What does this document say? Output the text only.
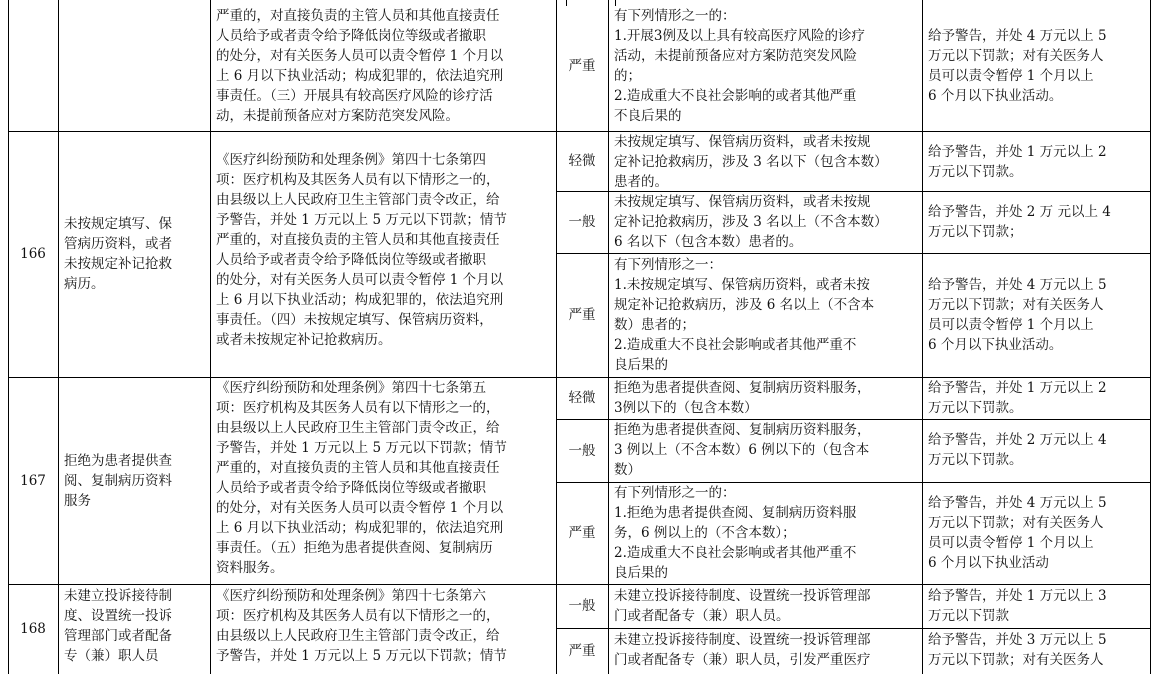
严重的，对直接负责的主管人员和其他直接责任
人员给予或者责令给予降低岗位等级或者撤职
的处分，对有关医务人员可以责令暂停 1 个月以
上 6 月以下执业活动；构成犯罪的，依法追究刑
事责任。（三）开展具有较高医疗风险的诊疗活
动，未提前预备应对方案防范突发风险。
严重
有下列情形之一的：
1.开展3例及以上具有较高医疗风险的诊疗
活动，未提前预备应对方案防范突发风险
的；
2.造成重大不良社会影响的或者其他严重
不良后果的
给予警告，并处 4 万元以上 5
万元以下罚款；对有关医务人
员可以责令暂停 1 个月以上
6 个月以下执业活动。
166
未按规定填写、保
管病历资料，或者
未按规定补记抢救
病历。
《医疗纠纷预防和处理条例》第四十七条第四
项：医疗机构及其医务人员有以下情形之一的，
由县级以上人民政府卫生主管部门责令改正，给
予警告，并处 1 万元以上 5 万元以下罚款；情节
严重的，对直接负责的主管人员和其他直接责任
人员给予或者责令给予降低岗位等级或者撤职
的处分，对有关医务人员可以责令暂停 1 个月以
上 6 月以下执业活动；构成犯罪的，依法追究刑
事责任。（四）未按规定填写、保管病历资料，
或者未按规定补记抢救病历。
轻微
未按规定填写、保管病历资料，或者未按规
定补记抢救病历，涉及 3 名以下（包含本数）
患者的。
给予警告，并处 1 万元以上 2
万元以下罚款。
一般
未按规定填写、保管病历资料，或者未按规
定补记抢救病历，涉及 3 名以上（不含本数）
6 名以下（包含本数）患者的。
给予警告，并处 2 万 元以上 4
万元以下罚款；
严重
有下列情形之一：
1.未按规定填写、保管病历资料，或者未按
规定补记抢救病历，涉及 6 名以上（不含本
数）患者的；
2.造成重大不良社会影响或者其他严重不
良后果的
给予警告，并处 4 万元以上 5
万元以下罚款；对有关医务人
员可以责令暂停 1 个月以上
6 个月以下执业活动。
167
拒绝为患者提供查
阅、复制病历资料
服务
《医疗纠纷预防和处理条例》第四十七条第五
项：医疗机构及其医务人员有以下情形之一的，
由县级以上人民政府卫生主管部门责令改正，给
予警告，并处 1 万元以上 5 万元以下罚款；情节
严重的，对直接负责的主管人员和其他直接责任
人员给予或者责令给予降低岗位等级或者撤职
的处分，对有关医务人员可以责令暂停 1 个月以
上 6 月以下执业活动；构成犯罪的，依法追究刑
事责任。（五）拒绝为患者提供查阅、复制病历
资料服务。
轻微
拒绝为患者提供查阅、复制病历资料服务，
3例以下的（包含本数）
给予警告，并处 1 万元以上 2
万元以下罚款。
一般
拒绝为患者提供查阅、复制病历资料服务，
3 例以上（不含本数）6 例以下的（包含本
数）
给予警告，并处 2 万元以上 4
万元以下罚款。
严重
有下列情形之一的：
1.拒绝为患者提供查阅、复制病历资料服
务，6 例以上的（不含本数）；
2.造成重大不良社会影响或者其他严重不
良后果的
给予警告，并处 4 万元以上 5
万元以下罚款；对有关医务人
员可以责令暂停 1 个月以上
6 个月以下执业活动
168
未建立投诉接待制
度、设置统一投诉
管理部门或者配备
专（兼）职人员
《医疗纠纷预防和处理条例》第四十七条第六
项：医疗机构及其医务人员有以下情形之一的，
由县级以上人民政府卫生主管部门责令改正，给
予警告，并处 1 万元以上 5 万元以下罚款；情节
一般
未建立投诉接待制度、设置统一投诉管理部
门或者配备专（兼）职人员。
给予警告，并处 1 万元以上 3
万元以下罚款
严重
未建立投诉接待制度、设置统一投诉管理部
门或者配备专（兼）职人员，引发严重医疗
给予警告，并处 3 万元以上 5
万元以下罚款；对有关医务人
